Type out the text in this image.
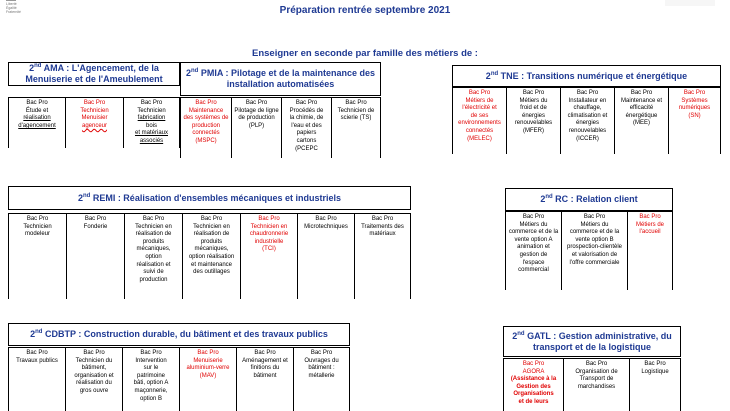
Liberté
Égalité
Fraternité	Préparation rentrée septembre 2021
Enseigner en seconde par famille des métiers de :
2nd AMA : L'Agencement, de la Menuiserie et de l'Ameublement
Bac Pro
Étude et
réalisation
d'agencement
Bac Pro
Technicien
Menuisier
agenceur
Bac Pro
Technicien
fabrication
bois
et matériaux
associés
2nd PMIA : Pilotage et de la maintenance des installation automatisées
Bac Pro
Maintenance
des systèmes de
production
connectés
(MSPC)
Bac Pro
Pilotage de ligne
de production
(PLP)
Bac Pro
Procédés de
la chimie, de
l'eau et des
papiers
cartons
(PCEPC
Bac Pro
Technicien de
scierie (TS)
2nd TNE : Transitions numérique et énergétique
Bac Pro
Métiers de
l'électricité et
de ses
environnements
connectés
(MELEC)
Bac Pro
Métiers du
froid et de
énergies
renouvelables
(MFER)
Bac Pro
Installateur en
chauffage,
climatisation et
énergies
renouvelables
(ICCER)
Bac Pro
Maintenance et
efficacité
énergétique
(MEE)
Bac Pro
Systèmes
numériques
(SN)
2nd REMI : Réalisation d'ensembles mécaniques et industriels
Bac Pro
Technicien
modeleur
Bac Pro
Fonderie
Bac Pro
Technicien en
réalisation de
produits
mécaniques,
option
réalisation et
suivi de
production
Bac Pro
Technicien en
réalisation de
produits
mécaniques,
option réalisation
et maintenance
des outillages
Bac Pro
Technicien en
chaudronnerie
industrielle
(TCI)
Bac Pro
Microtechniques
Bac Pro
Traitements des
matériaux
2nd RC : Relation client
Bac Pro
Métiers du
commerce et de la
vente option A
animation et
gestion de
l'espace
commercial
Bac Pro
Métiers du
commerce et de la
vente option B
prospection-clientèle
et valorisation de
l'offre commerciale
Bac Pro
Métiers de
l'accueil
2nd CDBTP : Construction durable, du bâtiment et des travaux publics
Bac Pro
Travaux publics
Bac Pro
Technicien du
bâtiment,
organisation et
réalisation du
gros ouvre
Bac Pro
Intervention
sur le
patrimoine
bâti, option A
maçonnerie,
option B
Bac Pro
Menuiserie
aluminium-verre
(MAV)
Bac Pro
Aménagement et
finitions du
bâtiment
Bac Pro
Ouvrages du
bâtiment :
métallerie
2nd GATL : Gestion administrative, du transport et de la logistique
Bac Pro
AGORA
(Assistance à la
Gestion des
Organisations
et de leurs
Bac Pro
Organisation de
Transport de
marchandises
Bac Pro
Logistique
